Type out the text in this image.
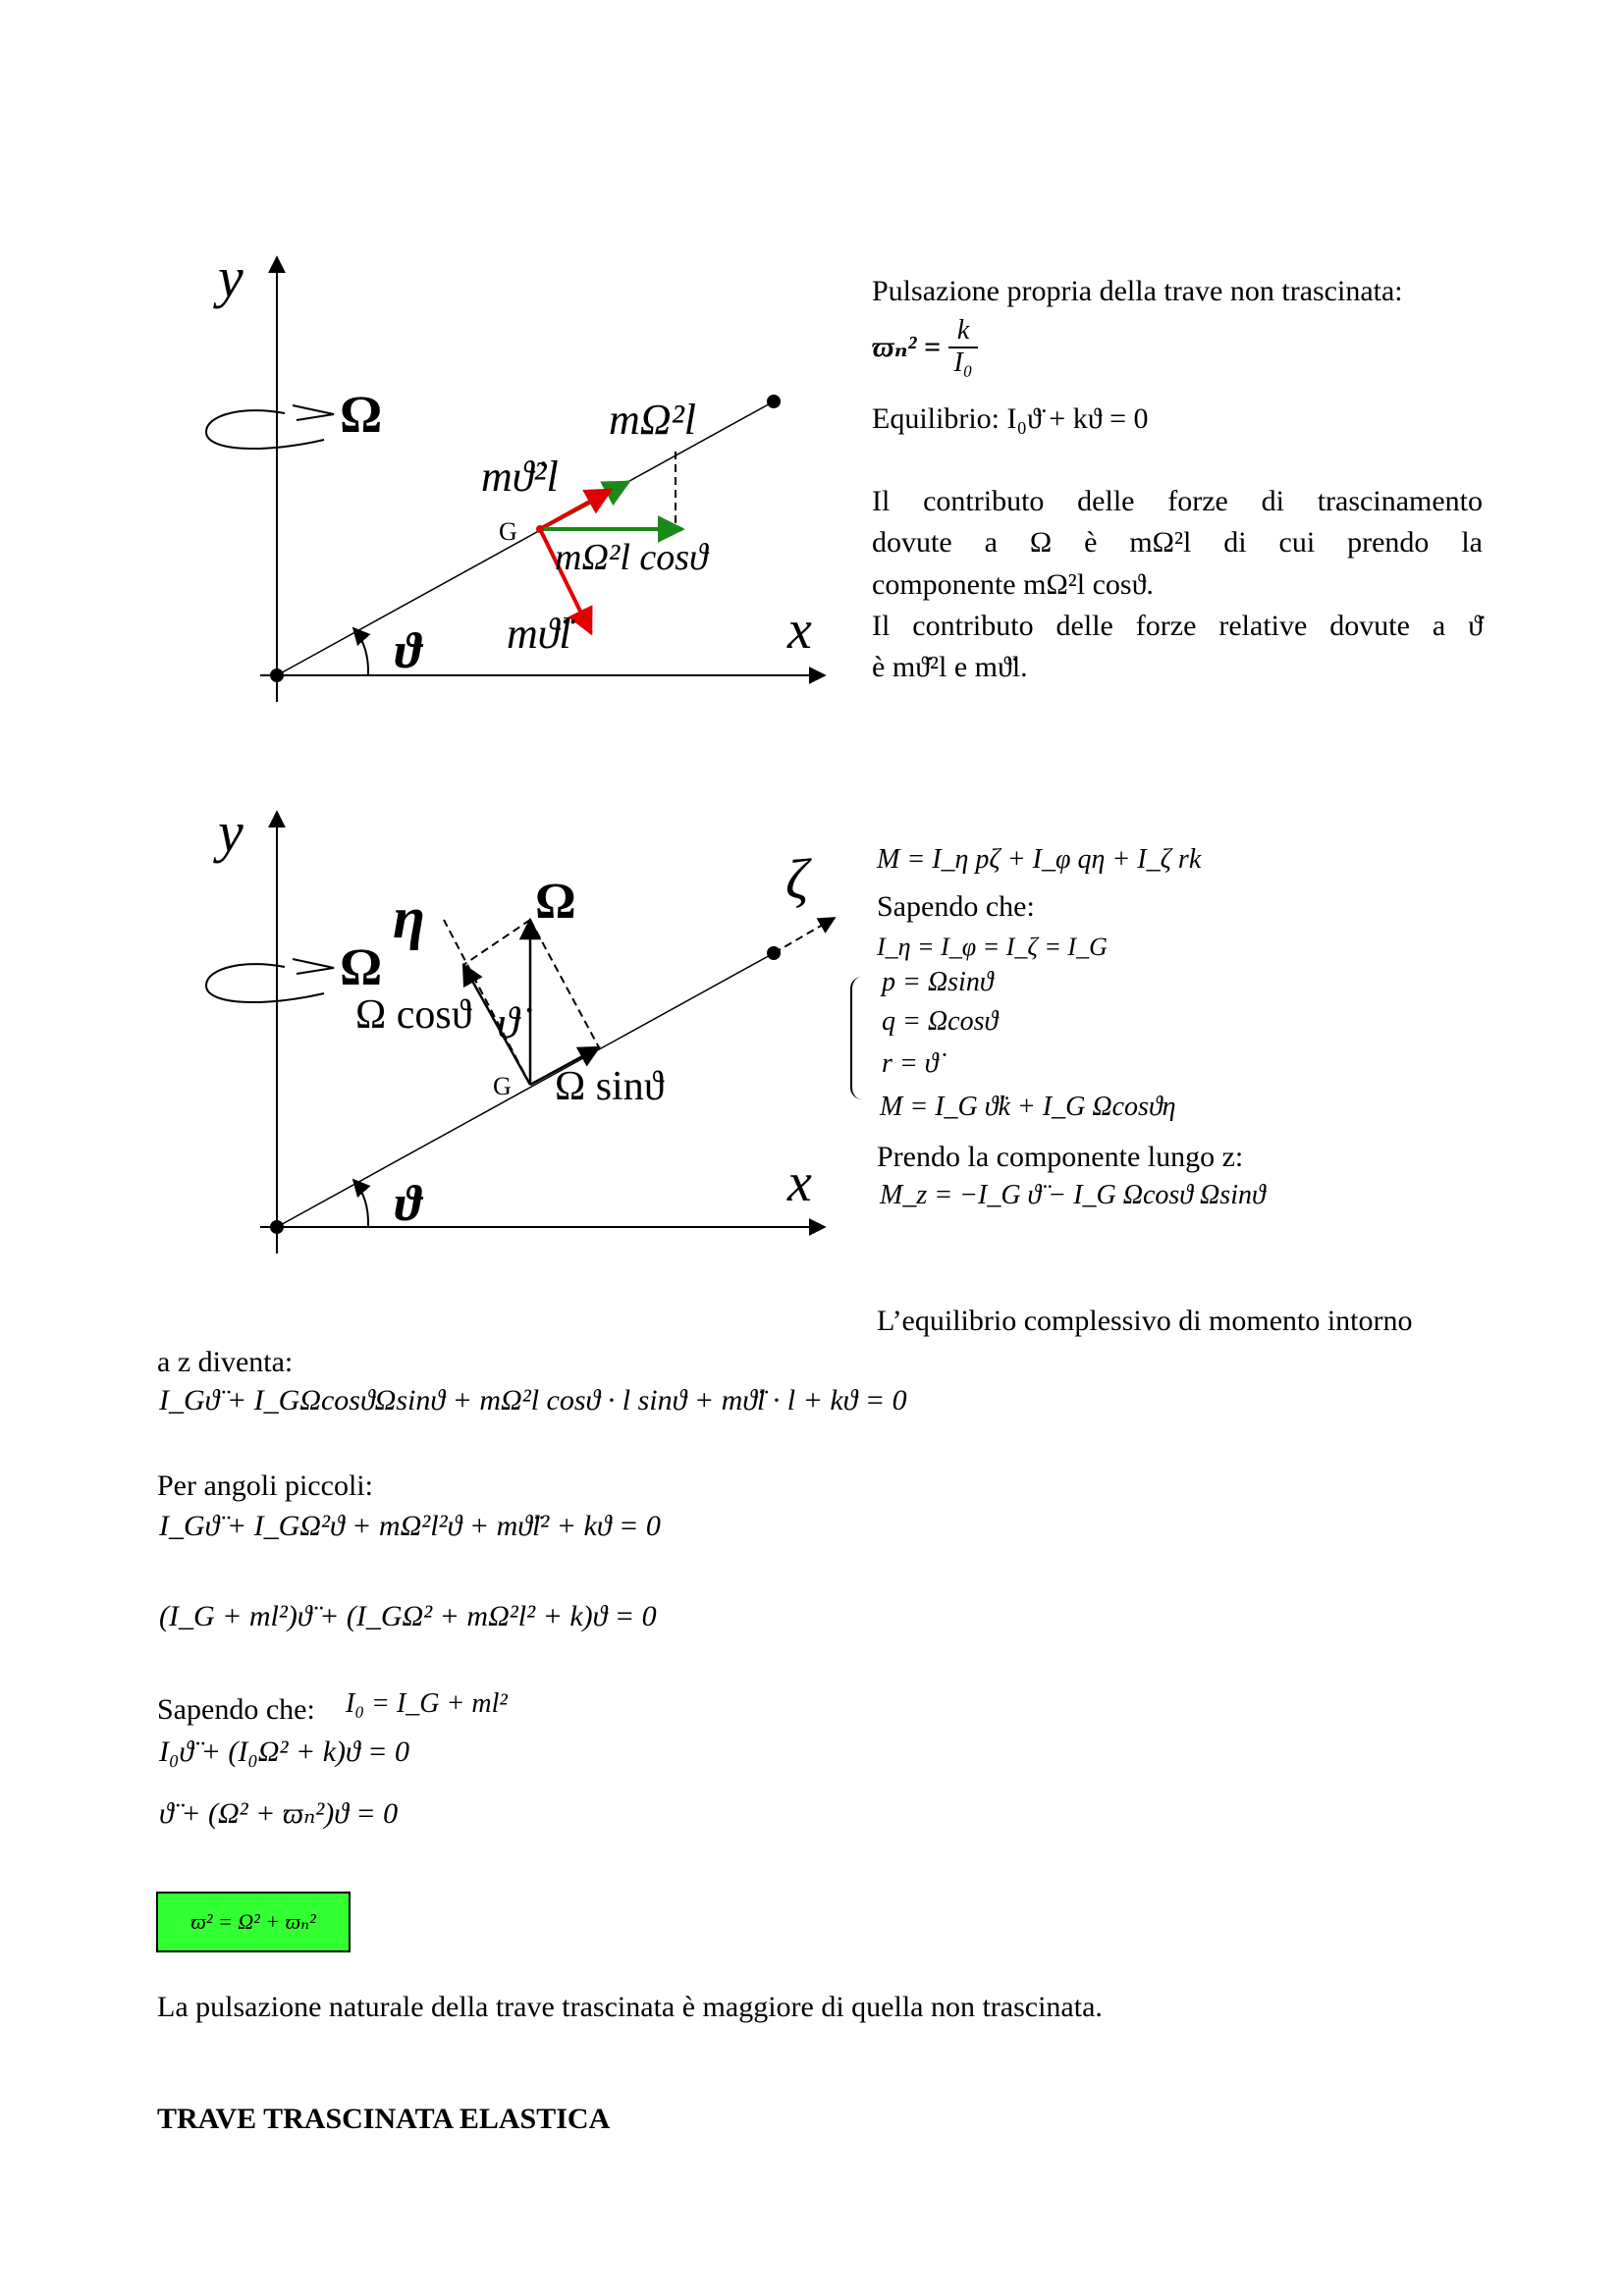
y
x
Ω
ϑ
G
mΩ²l
mϑ̇²l
mΩ²l cosϑ
mϑ̈l
Pulsazione propria della trave non trascinata:
ϖₙ² =
k
I₀
Equilibrio: I₀ϑ̈ + kϑ = 0
Il contributo delle forze di trascinamento
dovute a Ω è mΩ²l di cui prendo la
componente mΩ²l cosϑ.
Il contributo delle forze relative dovute a ϑ̇
è mϑ̇²l e mϑ̈l.
y
x
Ω
Ω
η
ζ
ϑ
ϑ̇
G
Ω cosϑ
Ω sinϑ
M = I_η pζ + I_φ qη + I_ζ rk
Sapendo che:
I_η = I_φ = I_ζ = I_G
p = Ωsinϑ
q = Ωcosϑ
r = ϑ̇
M = I_G ϑ̈k + I_G Ωcosϑη
Prendo la componente lungo z:
M_z = −I_G ϑ̈ − I_G Ωcosϑ Ωsinϑ
L’equilibrio complessivo di momento intorno
a z diventa:
I_Gϑ̈ + I_GΩcosϑΩsinϑ + mΩ²l cosϑ · l sinϑ + mϑ̈l · l + kϑ = 0
Per angoli piccoli:
I_Gϑ̈ + I_GΩ²ϑ + mΩ²l²ϑ + mϑ̈l² + kϑ = 0
(I_G + ml²)ϑ̈ + (I_GΩ² + mΩ²l² + k)ϑ = 0
Sapendo che: I₀ = I_G + ml²
I₀ϑ̈ + (I₀Ω² + k)ϑ = 0
ϑ̈ + (Ω² + ϖₙ²)ϑ = 0
ϖ² = Ω² + ϖₙ²
La pulsazione naturale della trave trascinata è maggiore di quella non trascinata.
TRAVE TRASCINATA ELASTICA
